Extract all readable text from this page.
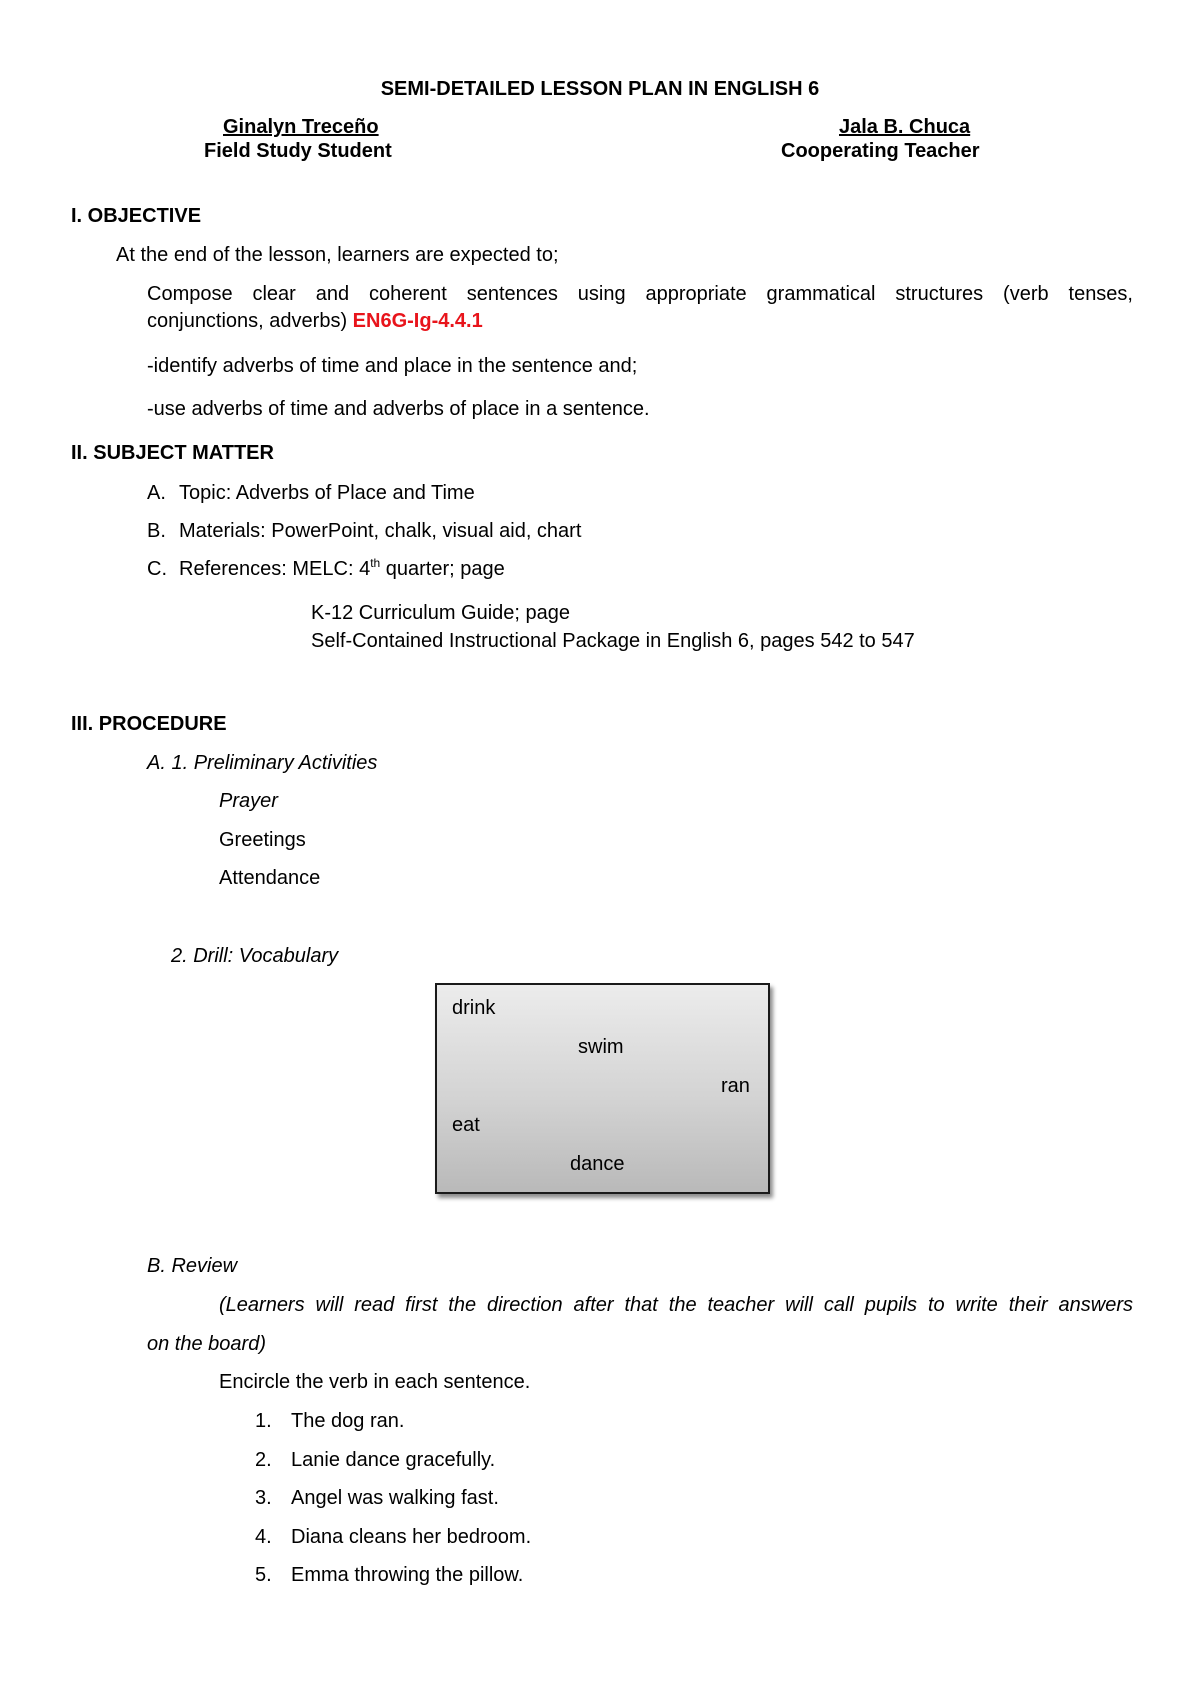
SEMI-DETAILED LESSON PLAN IN ENGLISH 6
Ginalyn Treceño
Field Study Student
Jala B. Chuca
Cooperating Teacher
I. OBJECTIVE
At the end of the lesson, learners are expected to;
Compose clear and coherent sentences using appropriate grammatical structures (verb tenses,
conjunctions, adverbs) EN6G-Ig-4.4.1
-identify adverbs of time and place in the sentence and;
-use adverbs of time and adverbs of place in a sentence.
II. SUBJECT MATTER
A. Topic: Adverbs of Place and Time
B. Materials: PowerPoint, chalk, visual aid, chart
C. References: MELC: 4th quarter; page
K-12 Curriculum Guide; page
Self-Contained Instructional Package in English 6, pages 542 to 547
III. PROCEDURE
A. 1. Preliminary Activities
Prayer
Greetings
Attendance
2. Drill: Vocabulary
drink
swim
ran
eat
dance
B. Review
(Learners will read first the direction after that the teacher will call pupils to write their answers
on the board)
Encircle the verb in each sentence.
1. The dog ran.
2. Lanie dance gracefully.
3. Angel was walking fast.
4. Diana cleans her bedroom.
5. Emma throwing the pillow.
